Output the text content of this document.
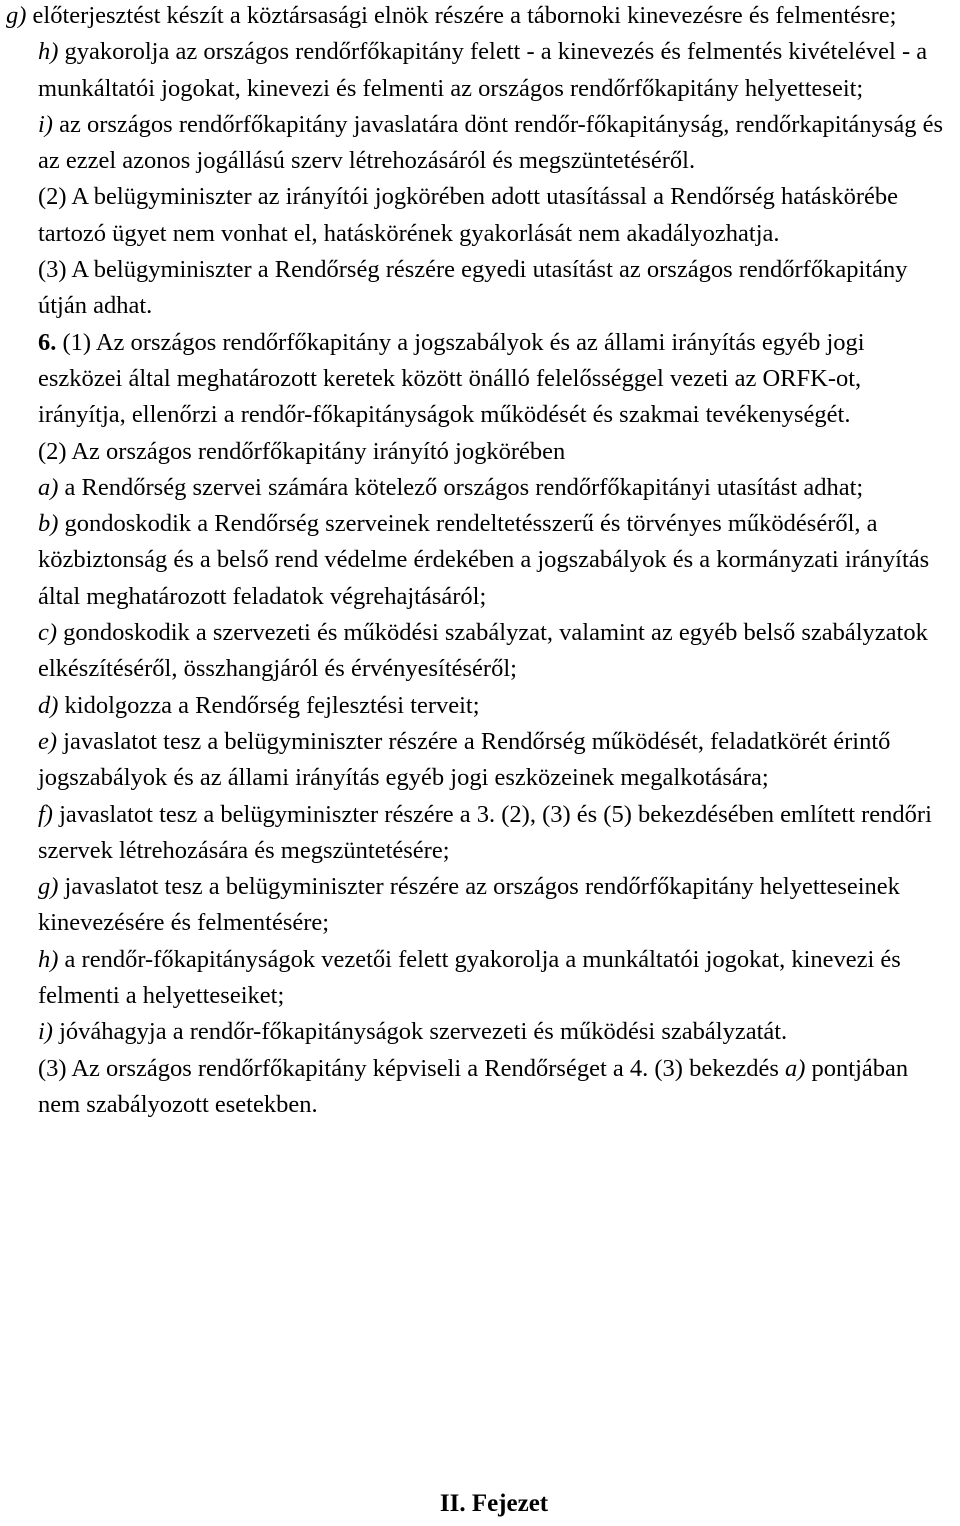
g) előterjesztést készít a köztársasági elnök részére a tábornoki kinevezésre és felmentésre;

h) gyakorolja az országos rendőrfőkapitány felett - a kinevezés és felmentés kivételével - a munkáltatói jogokat, kinevezi és felmenti az országos rendőrfőkapitány helyetteseit;

i) az országos rendőrfőkapitány javaslatára dönt rendőr-főkapitányság, rendőrkapitányság és az ezzel azonos jogállású szerv létrehozásáról és megszüntetéséről.

(2) A belügyminiszter az irányítói jogkörében adott utasítással a Rendőrség hatáskörébe tartozó ügyet nem vonhat el, hatáskörének gyakorlását nem akadályozhatja.

(3) A belügyminiszter a Rendőrség részére egyedi utasítást az országos rendőrfőkapitány útján adhat.

6. (1) Az országos rendőrfőkapitány a jogszabályok és az állami irányítás egyéb jogi eszközei által meghatározott keretek között önálló felelősséggel vezeti az ORFK-ot, irányítja, ellenőrzi a rendőr-főkapitányságok működését és szakmai tevékenységét.

(2) Az országos rendőrfőkapitány irányító jogkörében

a) a Rendőrség szervei számára kötelező országos rendőrfőkapitányi utasítást adhat;

b) gondoskodik a Rendőrség szerveinek rendeltetésszerű és törvényes működéséről, a közbiztonság és a belső rend védelme érdekében a jogszabályok és a kormányzati irányítás által meghatározott feladatok végrehajtásáról;

c) gondoskodik a szervezeti és működési szabályzat, valamint az egyéb belső szabályzatok elkészítéséről, összhangjáról és érvényesítéséről;

d) kidolgozza a Rendőrség fejlesztési terveit;

e) javaslatot tesz a belügyminiszter részére a Rendőrség működését, feladatkörét érintő jogszabályok és az állami irányítás egyéb jogi eszközeinek megalkotására;

f) javaslatot tesz a belügyminiszter részére a 3. (2), (3) és (5) bekezdésében említett rendőri szervek létrehozására és megszüntetésére;

g) javaslatot tesz a belügyminiszter részére az országos rendőrfőkapitány helyetteseinek kinevezésére és felmentésére;

h) a rendőr-főkapitányságok vezetői felett gyakorolja a munkáltatói jogokat, kinevezi és felmenti a helyetteseiket;

i) jóváhagyja a rendőr-főkapitányságok szervezeti és működési szabályzatát.

(3) Az országos rendőrfőkapitány képviseli a Rendőrséget a 4. (3) bekezdés a) pontjában nem szabályozott esetekben.

II. Fejezet
